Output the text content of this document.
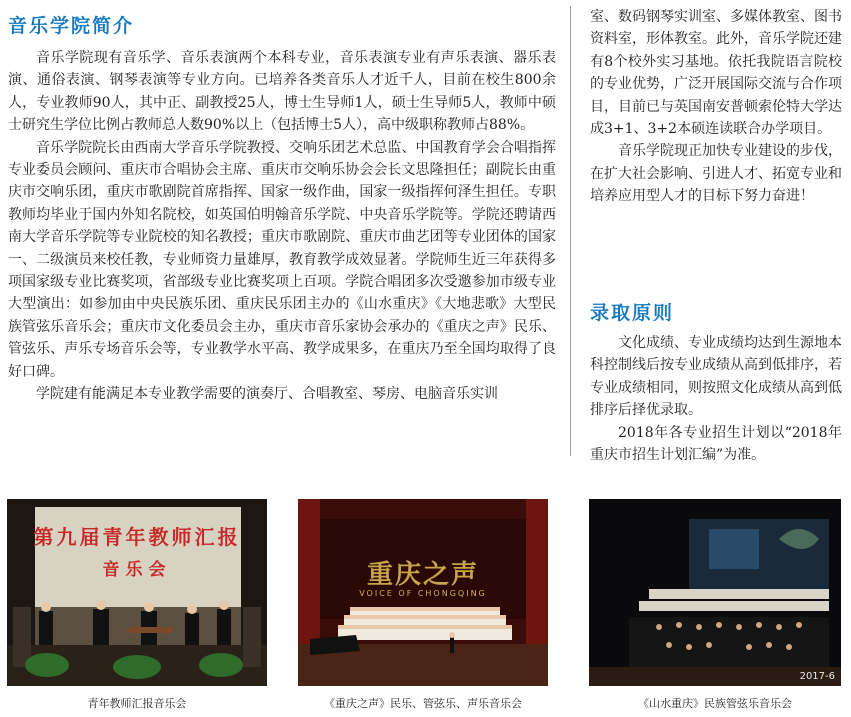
音乐学院简介

音乐学院现有音乐学、音乐表演两个本科专业，音乐表演专业有声乐表演、器乐表演、通俗表演、钢琴表演等专业方向。已培养各类音乐人才近千人，目前在校生800余人，专业教师90人，其中正、副教授25人，博士生导师1人，硕士生导师5人，教师中硕士研究生学位比例占教师总人数90%以上（包括博士5人），高中级职称教师占88%。

音乐学院院长由西南大学音乐学院教授、交响乐团艺术总监、中国教育学会合唱指挥专业委员会顾问、重庆市合唱协会主席、重庆市交响乐协会会长文思隆担任；副院长由重庆市交响乐团，重庆市歌剧院首席指挥、国家一级作曲，国家一级指挥何泽生担任。专职教师均毕业于国内外知名院校，如英国伯明翰音乐学院、中央音乐学院等。学院还聘请西南大学音乐学院等专业院校的知名教授；重庆市歌剧院、重庆市曲艺团等专业团体的国家一、二级演员来校任教，专业师资力量雄厚，教育教学成效显著。学院师生近三年获得多项国家级专业比赛奖项，省部级专业比赛奖项上百项。学院合唱团多次受邀参加市级专业大型演出：如参加由中央民族乐团、重庆民乐团主办的《山水重庆》《大地悲歌》大型民族管弦乐音乐会；重庆市文化委员会主办，重庆市音乐家协会承办的《重庆之声》民乐、管弦乐、声乐专场音乐会等，专业教学水平高、教学成果多，在重庆乃至全国均取得了良好口碑。

学院建有能满足本专业教学需要的演奏厅、合唱教室、琴房、电脑音乐实训

室、数码钢琴实训室、多媒体教室、图书资料室，形体教室。此外，音乐学院还建有8个校外实习基地。依托我院语言院校的专业优势，广泛开展国际交流与合作项目，目前已与英国南安普顿索伦特大学达成3+1、3+2本硕连读联合办学项目。

音乐学院现正加快专业建设的步伐，在扩大社会影响、引进人才、拓宽专业和培养应用型人才的目标下努力奋进！

录取原则

文化成绩、专业成绩均达到生源地本科控制线后按专业成绩从高到低排序，若专业成绩相同，则按照文化成绩从高到低排序后择优录取。

2018年各专业招生计划以“2018年重庆市招生计划汇编”为准。

第九届青年教师汇报
音乐会

青年教师汇报音乐会

重庆之声
VOICE OF CHONGQING

《重庆之声》民乐、管弦乐、声乐音乐会

2017-6

《山水重庆》民族管弦乐音乐会
